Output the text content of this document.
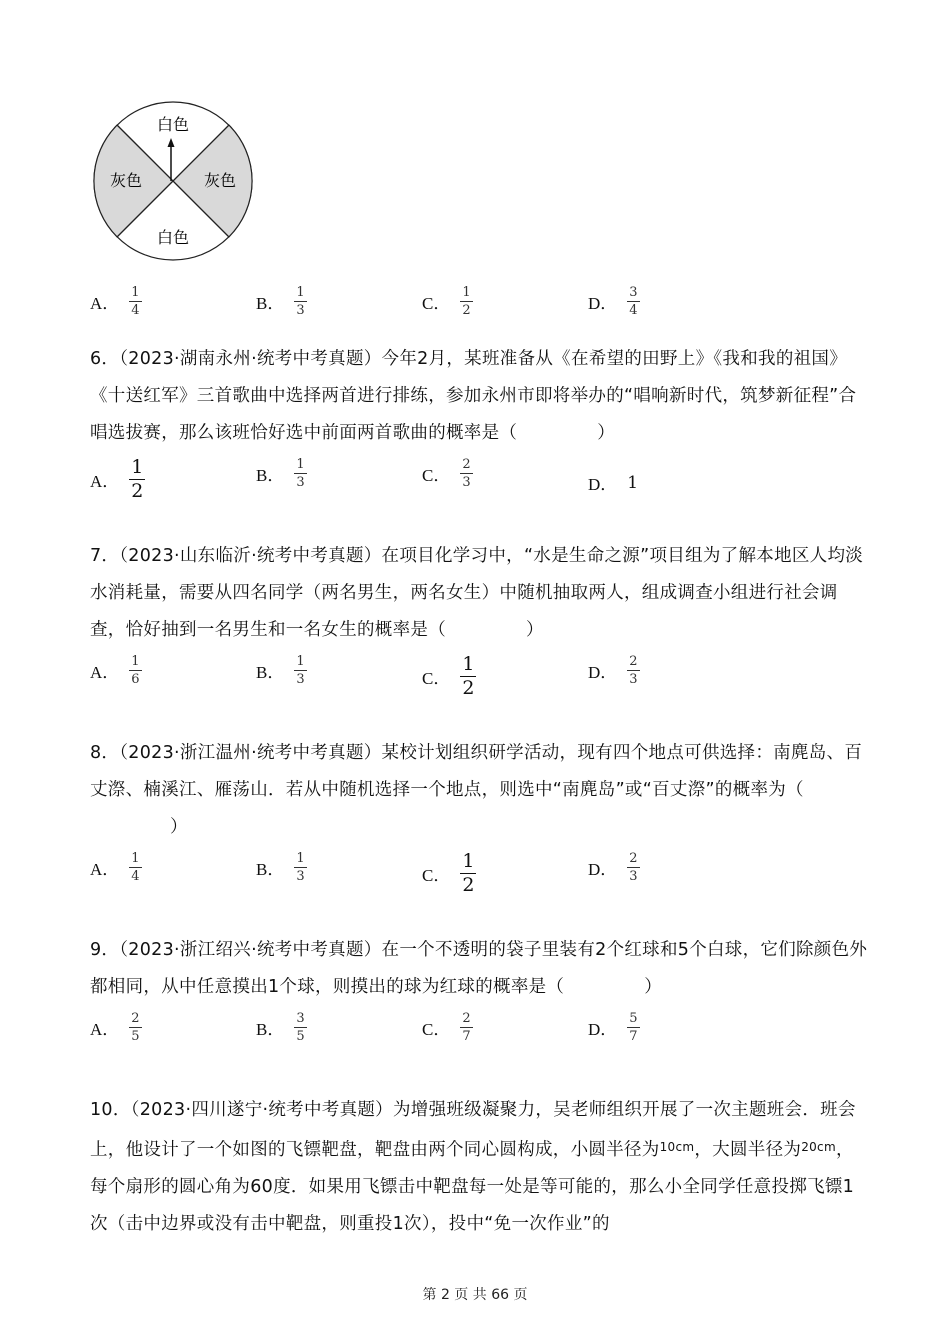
白色
白色
灰色	灰色
A． $\frac{1}{4}$	B． $\frac{1}{3}$	C． $\frac{1}{2}$	D． $\frac{3}{4}$
6．（2023·湖南永州·统考中考真题）今年2月，某班准备从《在希望的田野上》《我和我的祖国》《十送红军》三首歌曲中选择两首进行排练，参加永州市即将举办的“唱响新时代，筑梦新征程”合唱选拔赛，那么该班恰好选中前面两首歌曲的概率是（	）
A． $\frac{1}{2}$	B． $\frac{1}{3}$	C． $\frac{2}{3}$	D． 1
7．（2023·山东临沂·统考中考真题）在项目化学习中，“水是生命之源”项目组为了解本地区人均淡水消耗量，需要从四名同学（两名男生，两名女生）中随机抽取两人，组成调查小组进行社会调查，恰好抽到一名男生和一名女生的概率是（	）
A． $\frac{1}{6}$	B． $\frac{1}{3}$	C． $\frac{1}{2}$	D． $\frac{2}{3}$
8．（2023·浙江温州·统考中考真题）某校计划组织研学活动，现有四个地点可供选择：南麂岛、百丈漈、楠溪江、雁荡山．若从中随机选择一个地点，则选中“南麂岛”或“百丈漈”的概率为（）
A． $\frac{1}{4}$	B． $\frac{1}{3}$	C． $\frac{1}{2}$	D． $\frac{2}{3}$
9．（2023·浙江绍兴·统考中考真题）在一个不透明的袋子里装有2个红球和5个白球，它们除颜色外都相同，从中任意摸出1个球，则摸出的球为红球的概率是（	）
A． $\frac{2}{5}$	B． $\frac{3}{5}$	C． $\frac{2}{7}$	D． $\frac{5}{7}$
10．（2023·四川遂宁·统考中考真题）为增强班级凝聚力，吴老师组织开展了一次主题班会．班会上，他设计了一个如图的飞镖靶盘，靶盘由两个同心圆构成，小圆半径为$^{10cm}$，大圆半径为$^{20cm}$，每个扇形的圆心角为60度．如果用飞镖击中靶盘每一处是等可能的，那么小全同学任意投掷飞镖1次（击中边界或没有击中靶盘，则重投1次），投中“免一次作业”的
第 2 页 共 66 页
